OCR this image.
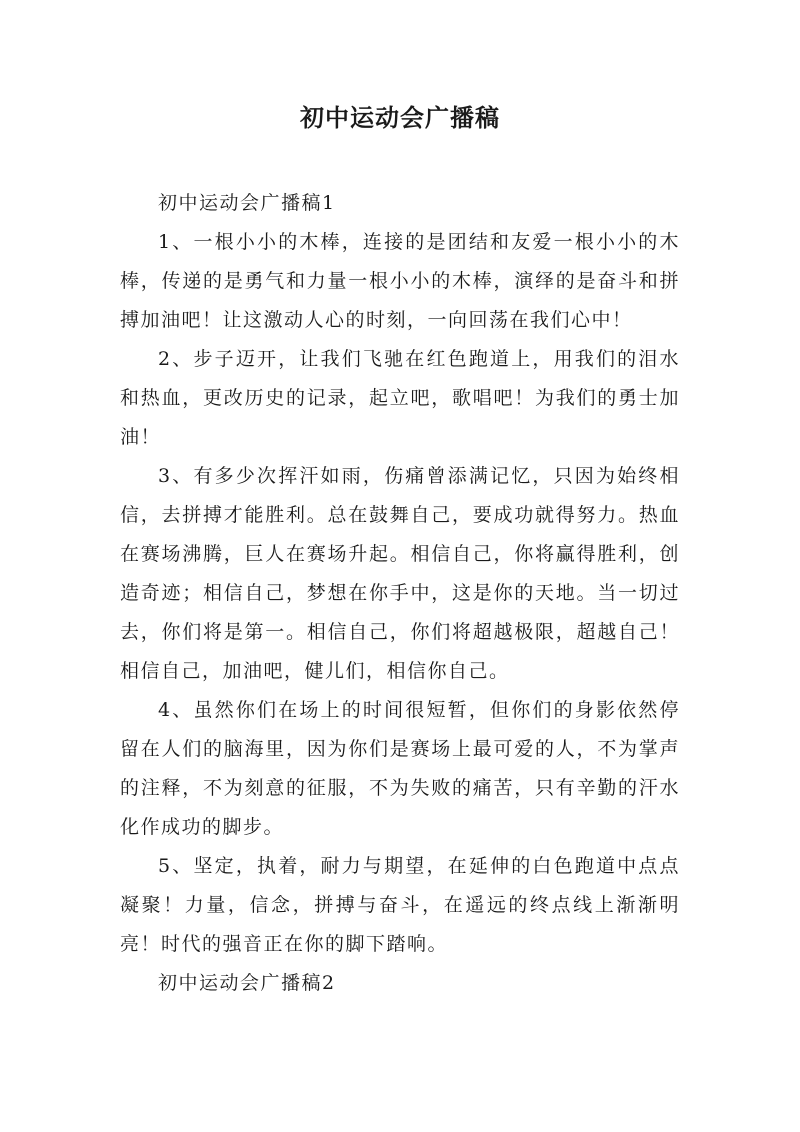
初中运动会广播稿

初中运动会广播稿1

1、一根小小的木棒，连接的是团结和友爱一根小小的木棒，传递的是勇气和力量一根小小的木棒，演绎的是奋斗和拼搏加油吧！让这激动人心的时刻，一向回荡在我们心中！

2、步子迈开，让我们飞驰在红色跑道上，用我们的泪水和热血，更改历史的记录，起立吧，歌唱吧！为我们的勇士加油！

3、有多少次挥汗如雨，伤痛曾添满记忆，只因为始终相信，去拼搏才能胜利。总在鼓舞自己，要成功就得努力。热血在赛场沸腾，巨人在赛场升起。相信自己，你将赢得胜利，创造奇迹；相信自己，梦想在你手中，这是你的天地。当一切过去，你们将是第一。相信自己，你们将超越极限，超越自己！相信自己，加油吧，健儿们，相信你自己。

4、虽然你们在场上的时间很短暂，但你们的身影依然停留在人们的脑海里，因为你们是赛场上最可爱的人，不为掌声的注释，不为刻意的征服，不为失败的痛苦，只有辛勤的汗水化作成功的脚步。

5、坚定，执着，耐力与期望，在延伸的白色跑道中点点凝聚！力量，信念，拼搏与奋斗，在遥远的终点线上渐渐明亮！时代的强音正在你的脚下踏响。

初中运动会广播稿2
